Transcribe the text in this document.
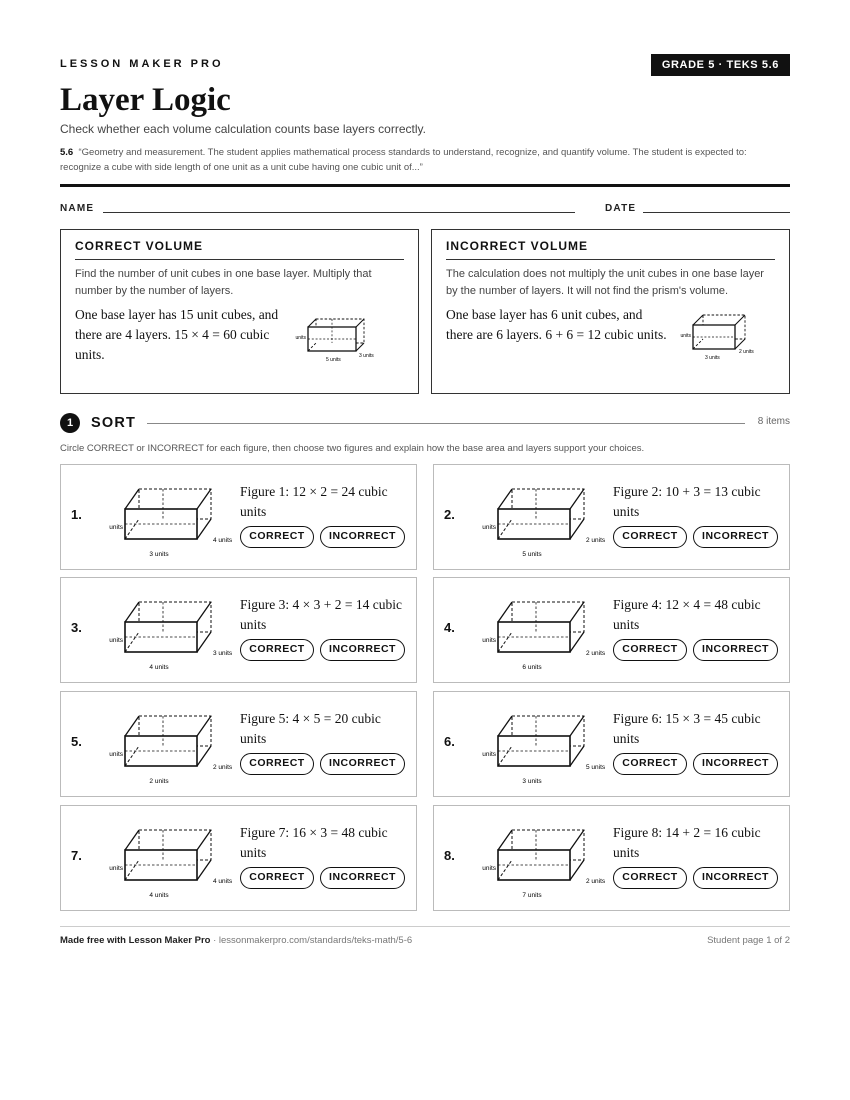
LESSON MAKER PRO	GRADE 5 · TEKS 5.6
Layer Logic
Check whether each volume calculation counts base layers correctly.
5.6 “Geometry and measurement. The student applies mathematical process standards to understand, recognize, and quantify volume. The student is expected to: recognize a cube with side length of one unit as a unit cube having one cubic unit of...”
NAME	DATE
CORRECT VOLUME
Find the number of unit cubes in one base layer. Multiply that number by the number of layers.
One base layer has 15 unit cubes, and there are 4 layers. 15 × 4 = 60 cubic units.
units
3 units
5 units
INCORRECT VOLUME
The calculation does not multiply the unit cubes in one base layer by the number of layers. It will not find the prism's volume.
One base layer has 6 unit cubes, and there are 6 layers. 6 + 6 = 12 cubic units.	units
2 units
3 units
1	SORT	8 items
Circle CORRECT or INCORRECT for each figure, then choose two figures and explain how the base area and layers support your choices.
1.
units
4 units
3 units
Figure 1: 12 × 2 = 24 cubic units
CORRECT	INCORRECT
2.
units
2 units
5 units
Figure 2: 10 + 3 = 13 cubic units
CORRECT	INCORRECT
3.
units
3 units
4 units
Figure 3: 4 × 3 + 2 = 14 cubic units
CORRECT	INCORRECT
4.
units
2 units
6 units
Figure 4: 12 × 4 = 48 cubic units
CORRECT	INCORRECT
5.
units
2 units
2 units
Figure 5: 4 × 5 = 20 cubic units
CORRECT	INCORRECT
6.
units
5 units
3 units
Figure 6: 15 × 3 = 45 cubic units
CORRECT	INCORRECT
7.
units
4 units
4 units
Figure 7: 16 × 3 = 48 cubic units
CORRECT	INCORRECT
8.
units
2 units
7 units
Figure 8: 14 + 2 = 16 cubic units
CORRECT	INCORRECT
Made free with Lesson Maker Pro · lessonmakerpro.com/standards/teks-math/5-6	Student page 1 of 2
